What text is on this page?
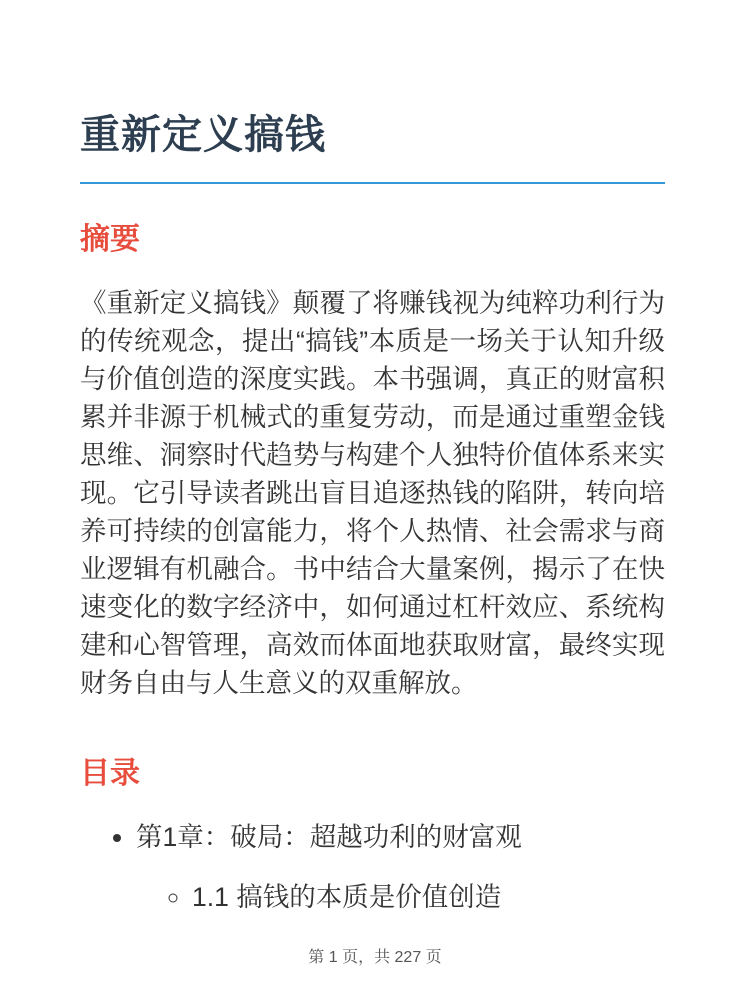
重新定义搞钱
摘要

《重新定义搞钱》颠覆了将赚钱视为纯粹功利行为的传统观念，提出“搞钱”本质是一场关于认知升级与价值创造的深度实践。本书强调，真正的财富积累并非源于机械式的重复劳动，而是通过重塑金钱思维、洞察时代趋势与构建个人独特价值体系来实现。它引导读者跳出盲目追逐热钱的陷阱，转向培养可持续的创富能力，将个人热情、社会需求与商业逻辑有机融合。书中结合大量案例，揭示了在快速变化的数字经济中，如何通过杠杆效应、系统构建和心智管理，高效而体面地获取财富，最终实现财务自由与人生意义的双重解放。

目录
• 第1章：破局：超越功利的财富观
◦ 1.1 搞钱的本质是价值创造
第 1 页，共 227 页
